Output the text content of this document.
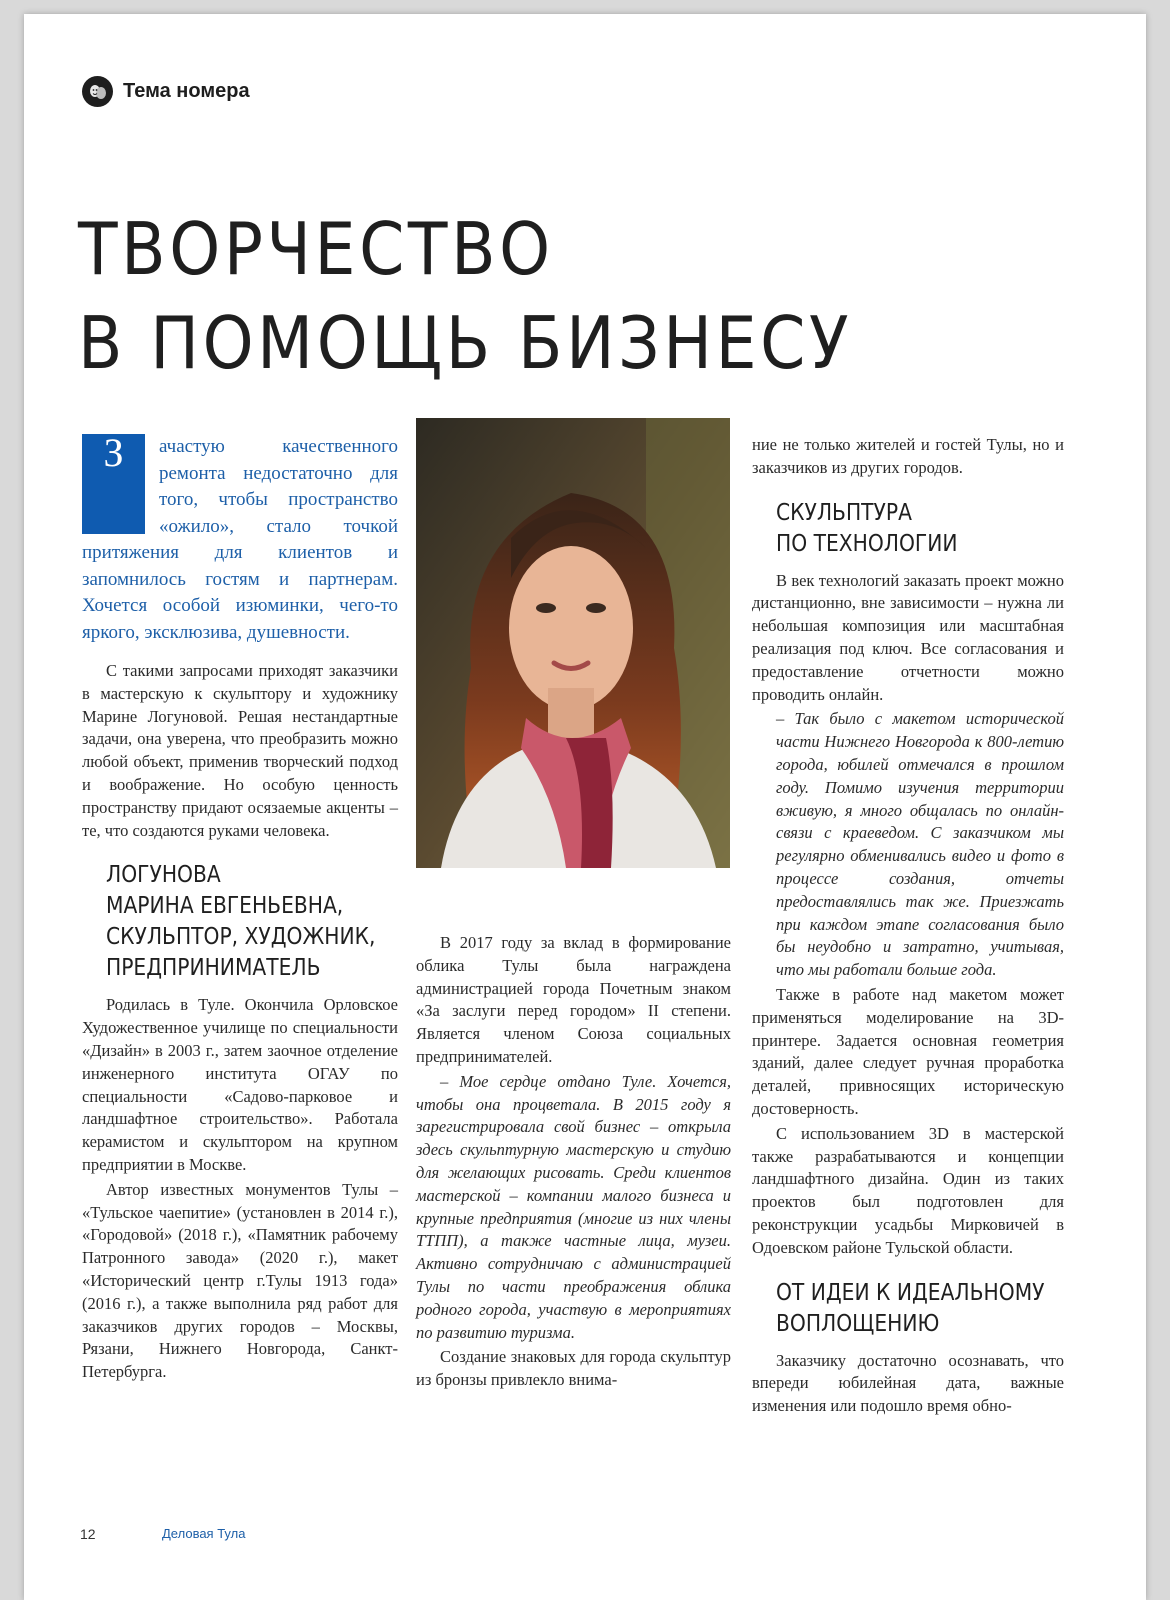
Тема номера
ТВОРЧЕСТВО
В ПОМОЩЬ БИЗНЕСУ
З	ачастую качественного ремонта недостаточно для того, чтобы пространство «ожило», стало точкой притяжения для клиентов и запомнилось гостям и партнерам. Хочется особой изюминки, чего-то яркого, эксклюзива, душевности.

С такими запросами приходят заказчики в мастерскую к скульптору и художнику Марине Логуновой. Решая нестандартные задачи, она уверена, что преобразить можно любой объект, применив творческий подход и воображение. Но особую ценность пространству придают осязаемые акценты – те, что создаются руками человека.

ЛОГУНОВА
МАРИНА ЕВГЕНЬЕВНА,
СКУЛЬПТОР, ХУДОЖНИК,
ПРЕДПРИНИМАТЕЛЬ

Родилась в Туле. Окончила Орловское Художественное училище по специальности «Дизайн» в 2003 г., затем заочное отделение инженерного института ОГАУ по специальности «Садово-парковое и ландшафтное строительство». Работала керамистом и скульптором на крупном предприятии в Москве.

Автор известных монументов Тулы – «Тульское чаепитие» (установлен в 2014 г.), «Городовой» (2018 г.), «Памятник рабочему Патронного завода» (2020 г.), макет «Исторический центр г.Тулы 1913 года» (2016 г.), а также выполнила ряд работ для заказчиков других городов – Москвы, Рязани, Нижнего Новгорода, Санкт-Петербурга.

В 2017 году за вклад в формирование облика Тулы была награждена администрацией города Почетным знаком «За заслуги перед городом» II степени. Является членом Союза социальных предпринимателей.

– Мое сердце отдано Туле. Хочется, чтобы она процветала. В 2015 году я зарегистрировала свой бизнес – открыла здесь скульптурную мастерскую и студию для желающих рисовать. Среди клиентов мастерской – компании малого бизнеса и крупные предприятия (многие из них члены ТТПП), а также частные лица, музеи. Активно сотрудничаю с администрацией Тулы по части преображения облика родного города, участвую в мероприятиях по развитию туризма.

Создание знаковых для города скульптур из бронзы привлекло внима-

ние не только жителей и гостей Тулы, но и заказчиков из других городов.

СКУЛЬПТУРА
ПО ТЕХНОЛОГИИ

В век технологий заказать проект можно дистанционно, вне зависимости – нужна ли небольшая композиция или масштабная реализация под ключ. Все согласования и предоставление отчетности можно проводить онлайн.

– Так было с макетом исторической части Нижнего Новгорода к 800-летию города, юбилей отмечался в прошлом году. Помимо изучения территории вживую, я много общалась по онлайн-связи с краеведом. С заказчиком мы регулярно обменивались видео и фото в процессе создания, отчеты предоставлялись так же. Приезжать при каждом этапе согласования было бы неудобно и затратно, учитывая, что мы работали больше года.

Также в работе над макетом может применяться моделирование на 3D-принтере. Задается основная геометрия зданий, далее следует ручная проработка деталей, привносящих историческую достоверность.

С использованием 3D в мастерской также разрабатываются и концепции ландшафтного дизайна. Один из таких проектов был подготовлен для реконструкции усадьбы Мирковичей в Одоевском районе Тульской области.

ОТ ИДЕИ К ИДЕАЛЬНОМУ
ВОПЛОЩЕНИЮ

Заказчику достаточно осознавать, что впереди юбилейная дата, важные изменения или подошло время обно-

12	Деловая Тула
